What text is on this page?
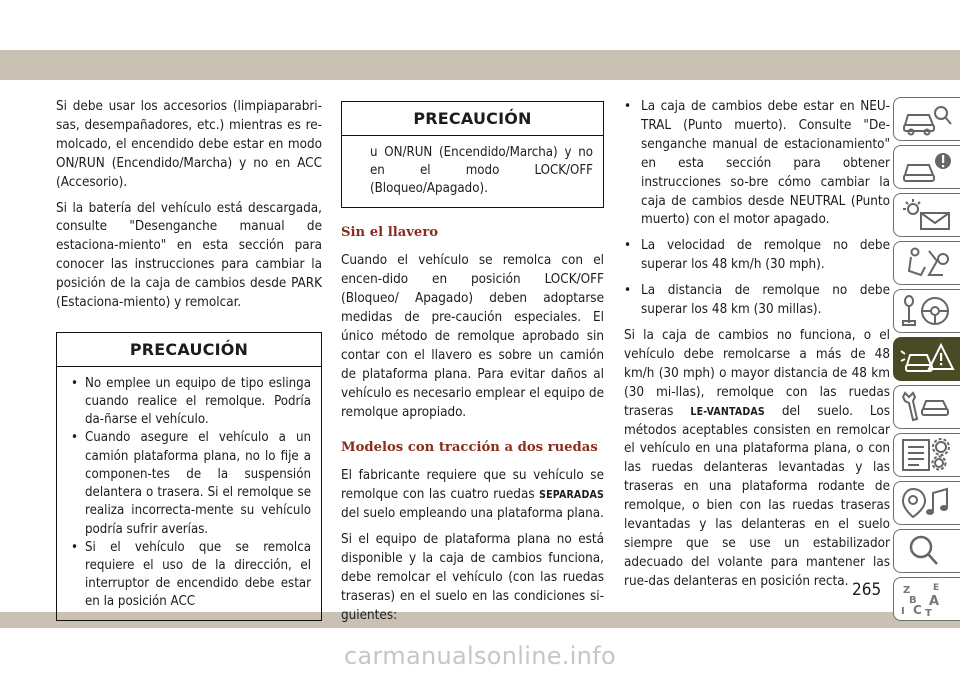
Si debe usar los accesorios (limpiaparabri-sas, desempañadores, etc.) mientras es re-molcado, el encendido debe estar en modo ON/RUN (Encendido/Marcha) y no en ACC (Accesorio).

Si la batería del vehículo está descargada, consulte "Desenganche manual de estaciona-miento" en esta sección para conocer las instrucciones para cambiar la posición de la caja de cambios desde PARK (Estaciona-miento) y remolcar.

PRECAUCIÓN
• No emplee un equipo de tipo eslinga cuando realice el remolque. Podría da-ñarse el vehículo.
• Cuando asegure el vehículo a un camión plataforma plana, no lo fije a componen-tes de la suspensión delantera o trasera. Si el remolque se realiza incorrecta-mente su vehículo podría sufrir averías.
• Si el vehículo que se remolca requiere el uso de la dirección, el interruptor de encendido debe estar en la posición ACC
PRECAUCIÓN
u ON/RUN (Encendido/Marcha) y no en el modo LOCK/OFF (Bloqueo/Apagado).
Sin el llavero

Cuando el vehículo se remolca con el encen-dido en posición LOCK/OFF (Bloqueo/ Apagado) deben adoptarse medidas de pre-caución especiales. El único método de remolque aprobado sin contar con el llavero es sobre un camión de plataforma plana. Para evitar daños al vehículo es necesario emplear el equipo de remolque apropiado.

Modelos con tracción a dos ruedas

El fabricante requiere que su vehículo se remolque con las cuatro ruedas SEPARADAS del suelo empleando una plataforma plana.

Si el equipo de plataforma plana no está disponible y la caja de cambios funciona, debe remolcar el vehículo (con las ruedas traseras) en el suelo en las condiciones si-guientes:

• La caja de cambios debe estar en NEU-TRAL (Punto muerto). Consulte "De-senganche manual de estacionamiento" en esta sección para obtener instrucciones so-bre cómo cambiar la caja de cambios desde NEUTRAL (Punto muerto) con el motor apagado.
• La velocidad de remolque no debe superar los 48 km/h (30 mph).
• La distancia de remolque no debe superar los 48 km (30 millas).

Si la caja de cambios no funciona, o el vehículo debe remolcarse a más de 48 km/h (30 mph) o mayor distancia de 48 km (30 mi-llas), remolque con las ruedas traseras LE-VANTADAS del suelo. Los métodos aceptables consisten en remolcar el vehículo en una plataforma plana, o con las ruedas delanteras levantadas y las traseras en una plataforma rodante de remolque, o bien con las ruedas traseras levantadas y las delanteras en el suelo siempre que se use un estabilizador adecuado del volante para mantener las rue-das delanteras en posición recta.

Z	E
B A
I C T
265
carmanualsonline.info
